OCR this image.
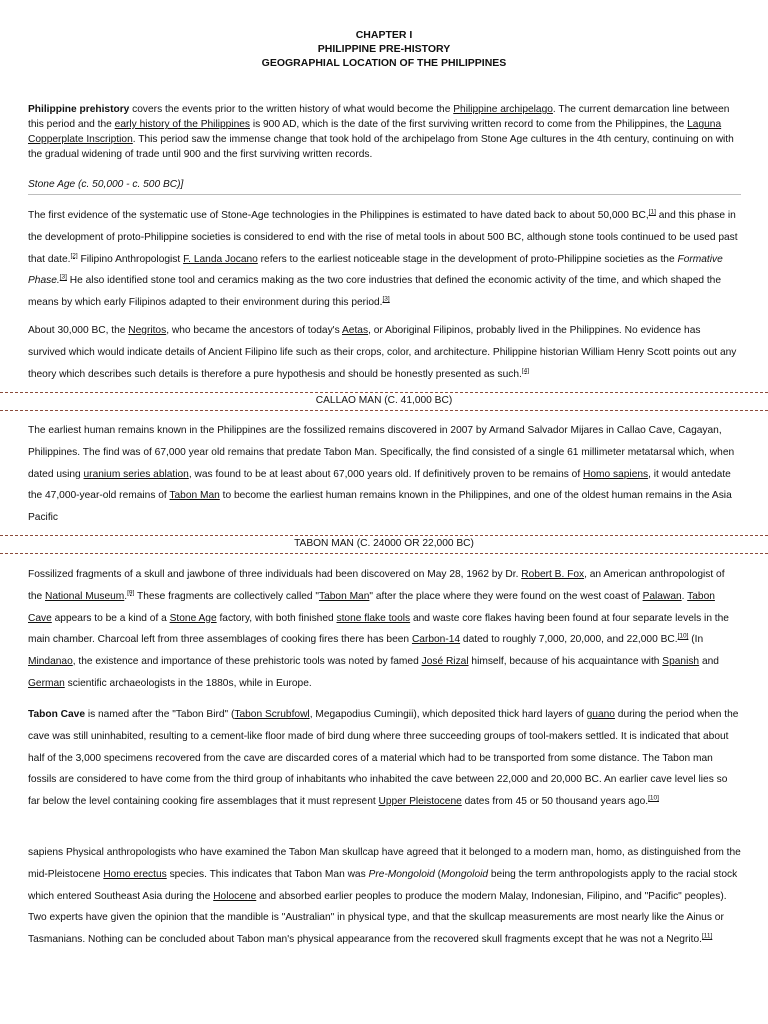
CHAPTER I
PHILIPPINE PRE-HISTORY
GEOGRAPHIAL LOCATION OF THE PHILIPPINES
Philippine prehistory covers the events prior to the written history of what would become the Philippine archipelago. The current demarcation line between this period and the early history of the Philippines is 900 AD, which is the date of the first surviving written record to come from the Philippines, the Laguna Copperplate Inscription. This period saw the immense change that took hold of the archipelago from Stone Age cultures in the 4th century, continuing on with the gradual widening of trade until 900 and the first surviving written records.
Stone Age (c. 50,000 - c. 500 BC)]
The first evidence of the systematic use of Stone-Age technologies in the Philippines is estimated to have dated back to about 50,000 BC,[1] and this phase in the development of proto-Philippine societies is considered to end with the rise of metal tools in about 500 BC, although stone tools continued to be used past that date.[2] Filipino Anthropologist F. Landa Jocano refers to the earliest noticeable stage in the development of proto-Philippine societies as the Formative Phase.[3] He also identified stone tool and ceramics making as the two core industries that defined the economic activity of the time, and which shaped the means by which early Filipinos adapted to their environment during this period.[3]
About 30,000 BC, the Negritos, who became the ancestors of today's Aetas, or Aboriginal Filipinos, probably lived in the Philippines. No evidence has survived which would indicate details of Ancient Filipino life such as their crops, color, and architecture. Philippine historian William Henry Scott points out any theory which describes such details is therefore a pure hypothesis and should be honestly presented as such.[4]
CALLAO MAN (C. 41,000 BC)
The earliest human remains known in the Philippines are the fossilized remains discovered in 2007 by Armand Salvador Mijares in Callao Cave, Cagayan, Philippines. The find was of 67,000 year old remains that predate Tabon Man. Specifically, the find consisted of a single 61 millimeter metatarsal which, when dated using uranium series ablation, was found to be at least about 67,000 years old. If definitively proven to be remains of Homo sapiens, it would antedate the 47,000-year-old remains of Tabon Man to become the earliest human remains known in the Philippines, and one of the oldest human remains in the Asia Pacific
TABON MAN (C. 24000 OR 22,000 BC)
Fossilized fragments of a skull and jawbone of three individuals had been discovered on May 28, 1962 by Dr. Robert B. Fox, an American anthropologist of the National Museum.[9] These fragments are collectively called "Tabon Man" after the place where they were found on the west coast of Palawan. Tabon Cave appears to be a kind of a Stone Age factory, with both finished stone flake tools and waste core flakes having been found at four separate levels in the main chamber. Charcoal left from three assemblages of cooking fires there has been Carbon-14 dated to roughly 7,000, 20,000, and 22,000 BC.[10] (In Mindanao, the existence and importance of these prehistoric tools was noted by famed José Rizal himself, because of his acquaintance with Spanish and German scientific archaeologists in the 1880s, while in Europe.
Tabon Cave is named after the "Tabon Bird" (Tabon Scrubfowl, Megapodius Cumingii), which deposited thick hard layers of guano during the period when the cave was still uninhabited, resulting to a cement-like floor made of bird dung where three succeeding groups of tool-makers settled. It is indicated that about half of the 3,000 specimens recovered from the cave are discarded cores of a material which had to be transported from some distance. The Tabon man fossils are considered to have come from the third group of inhabitants who inhabited the cave between 22,000 and 20,000 BC. An earlier cave level lies so far below the level containing cooking fire assemblages that it must represent Upper Pleistocene dates from 45 or 50 thousand years ago.[10]
sapiens Physical anthropologists who have examined the Tabon Man skullcap have agreed that it belonged to a modern man, homo, as distinguished from the mid-Pleistocene Homo erectus species. This indicates that Tabon Man was Pre-Mongoloid (Mongoloid being the term anthropologists apply to the racial stock which entered Southeast Asia during the Holocene and absorbed earlier peoples to produce the modern Malay, Indonesian, Filipino, and "Pacific" peoples). Two experts have given the opinion that the mandible is "Australian" in physical type, and that the skullcap measurements are most nearly like the Ainus or Tasmanians. Nothing can be concluded about Tabon man's physical appearance from the recovered skull fragments except that he was not a Negrito.[11]
